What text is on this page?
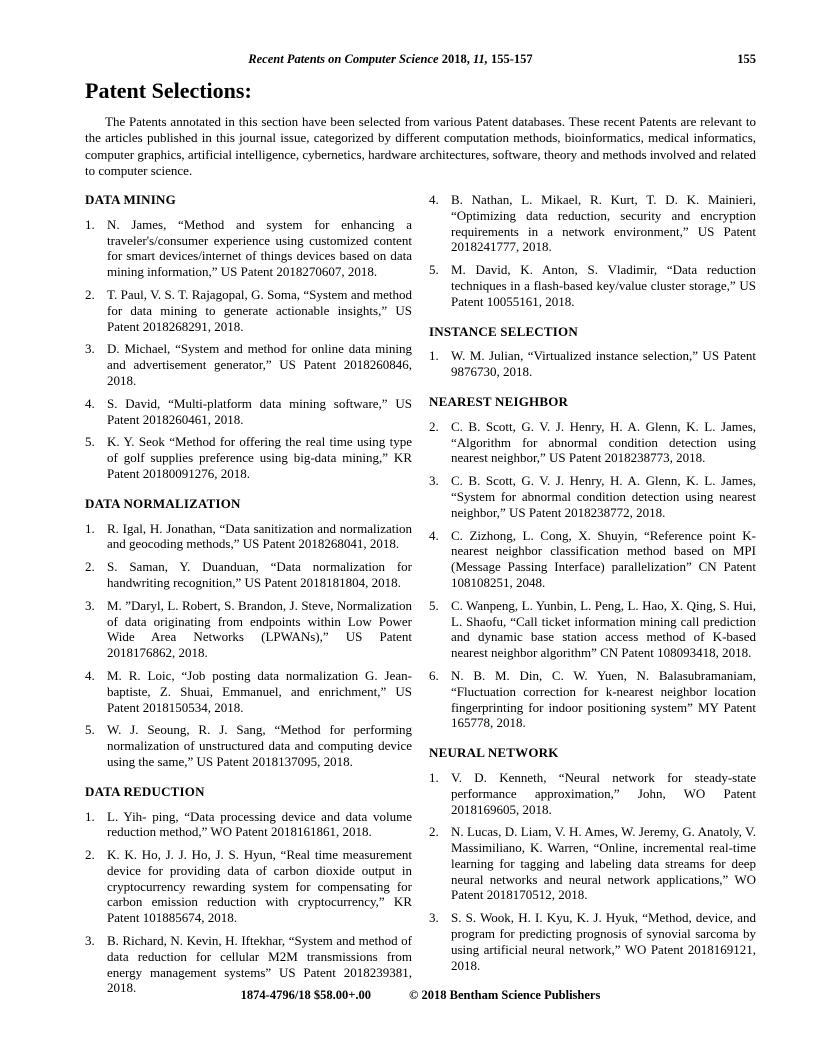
Recent Patents on Computer Science 2018, 11, 155-157	155
Patent Selections:

The Patents annotated in this section have been selected from various Patent databases. These recent Patents are relevant to the articles published in this journal issue, categorized by different computation methods, bioinformatics, medical informatics, computer graphics, artificial intelligence, cybernetics, hardware architectures, software, theory and methods involved and related to computer science.

DATA MINING
1. N. James, “Method and system for enhancing a traveler's/consumer experience using customized content for smart devices/internet of things devices based on data mining information,” US Patent 2018270607, 2018.
2. T. Paul, V. S. T. Rajagopal, G. Soma, “System and method for data mining to generate actionable insights,” US Patent 2018268291, 2018.
3. D. Michael, “System and method for online data mining and advertisement generator,” US Patent 2018260846, 2018.
4. S. David, “Multi-platform data mining software,” US Patent 2018260461, 2018.
5. K. Y. Seok “Method for offering the real time using type of golf supplies preference using big-data mining,” KR Patent 20180091276, 2018.
DATA NORMALIZATION
1. R. Igal, H. Jonathan, “Data sanitization and normalization and geocoding methods,” US Patent 2018268041, 2018.
2. S. Saman, Y. Duanduan, “Data normalization for handwriting recognition,” US Patent 2018181804, 2018.
3. M. ”Daryl, L. Robert, S. Brandon, J. Steve, Normalization of data originating from endpoints within Low Power Wide Area Networks (LPWANs),” US Patent 2018176862, 2018.
4. M. R. Loic, “Job posting data normalization G. Jean-baptiste, Z. Shuai, Emmanuel, and enrichment,” US Patent 2018150534, 2018.
5. W. J. Seoung, R. J. Sang, “Method for performing normalization of unstructured data and computing device using the same,” US Patent 2018137095, 2018.
DATA REDUCTION
1. L. Yih- ping, “Data processing device and data volume reduction method,” WO Patent 2018161861, 2018.
2. K. K. Ho, J. J. Ho, J. S. Hyun, “Real time measurement device for providing data of carbon dioxide output in cryptocurrency rewarding system for compensating for carbon emission reduction with cryptocurrency,” KR Patent 101885674, 2018.
3. B. Richard, N. Kevin, H. Iftekhar, “System and method of data reduction for cellular M2M transmissions from energy management systems” US Patent 2018239381, 2018.
4. B. Nathan, L. Mikael, R. Kurt, T. D. K. Mainieri, “Optimizing data reduction, security and encryption requirements in a network environment,” US Patent 2018241777, 2018.
5. M. David, K. Anton, S. Vladimir, “Data reduction techniques in a flash-based key/value cluster storage,” US Patent 10055161, 2018.
INSTANCE SELECTION
1. W. M. Julian, “Virtualized instance selection,” US Patent 9876730, 2018.
NEAREST NEIGHBOR
2. C. B. Scott, G. V. J. Henry, H. A. Glenn, K. L. James, “Algorithm for abnormal condition detection using nearest neighbor,” US Patent 2018238773, 2018.
3. C. B. Scott, G. V. J. Henry, H. A. Glenn, K. L. James, “System for abnormal condition detection using nearest neighbor,” US Patent 2018238772, 2018.
4. C. Zizhong, L. Cong, X. Shuyin, “Reference point K-nearest neighbor classification method based on MPI (Message Passing Interface) parallelization” CN Patent 108108251, 2048.
5. C. Wanpeng, L. Yunbin, L. Peng, L. Hao, X. Qing, S. Hui, L. Shaofu, “Call ticket information mining call prediction and dynamic base station access method of K-based nearest neighbor algorithm” CN Patent 108093418, 2018.
6. N. B. M. Din, C. W. Yuen, N. Balasubramaniam, “Fluctuation correction for k-nearest neighbor location fingerprinting for indoor positioning system” MY Patent 165778, 2018.
NEURAL NETWORK
1. V. D. Kenneth, “Neural network for steady-state performance approximation,” John, WO Patent 2018169605, 2018.
2. N. Lucas, D. Liam, V. H. Ames, W. Jeremy, G. Anatoly, V. Massimiliano, K. Warren, “Online, incremental real-time learning for tagging and labeling data streams for deep neural networks and neural network applications,” WO Patent 2018170512, 2018.
3. S. S. Wook, H. I. Kyu, K. J. Hyuk, “Method, device, and program for predicting prognosis of synovial sarcoma by using artificial neural network,” WO Patent 2018169121, 2018.
1874-4796/18 $58.00+.00	© 2018 Bentham Science Publishers
